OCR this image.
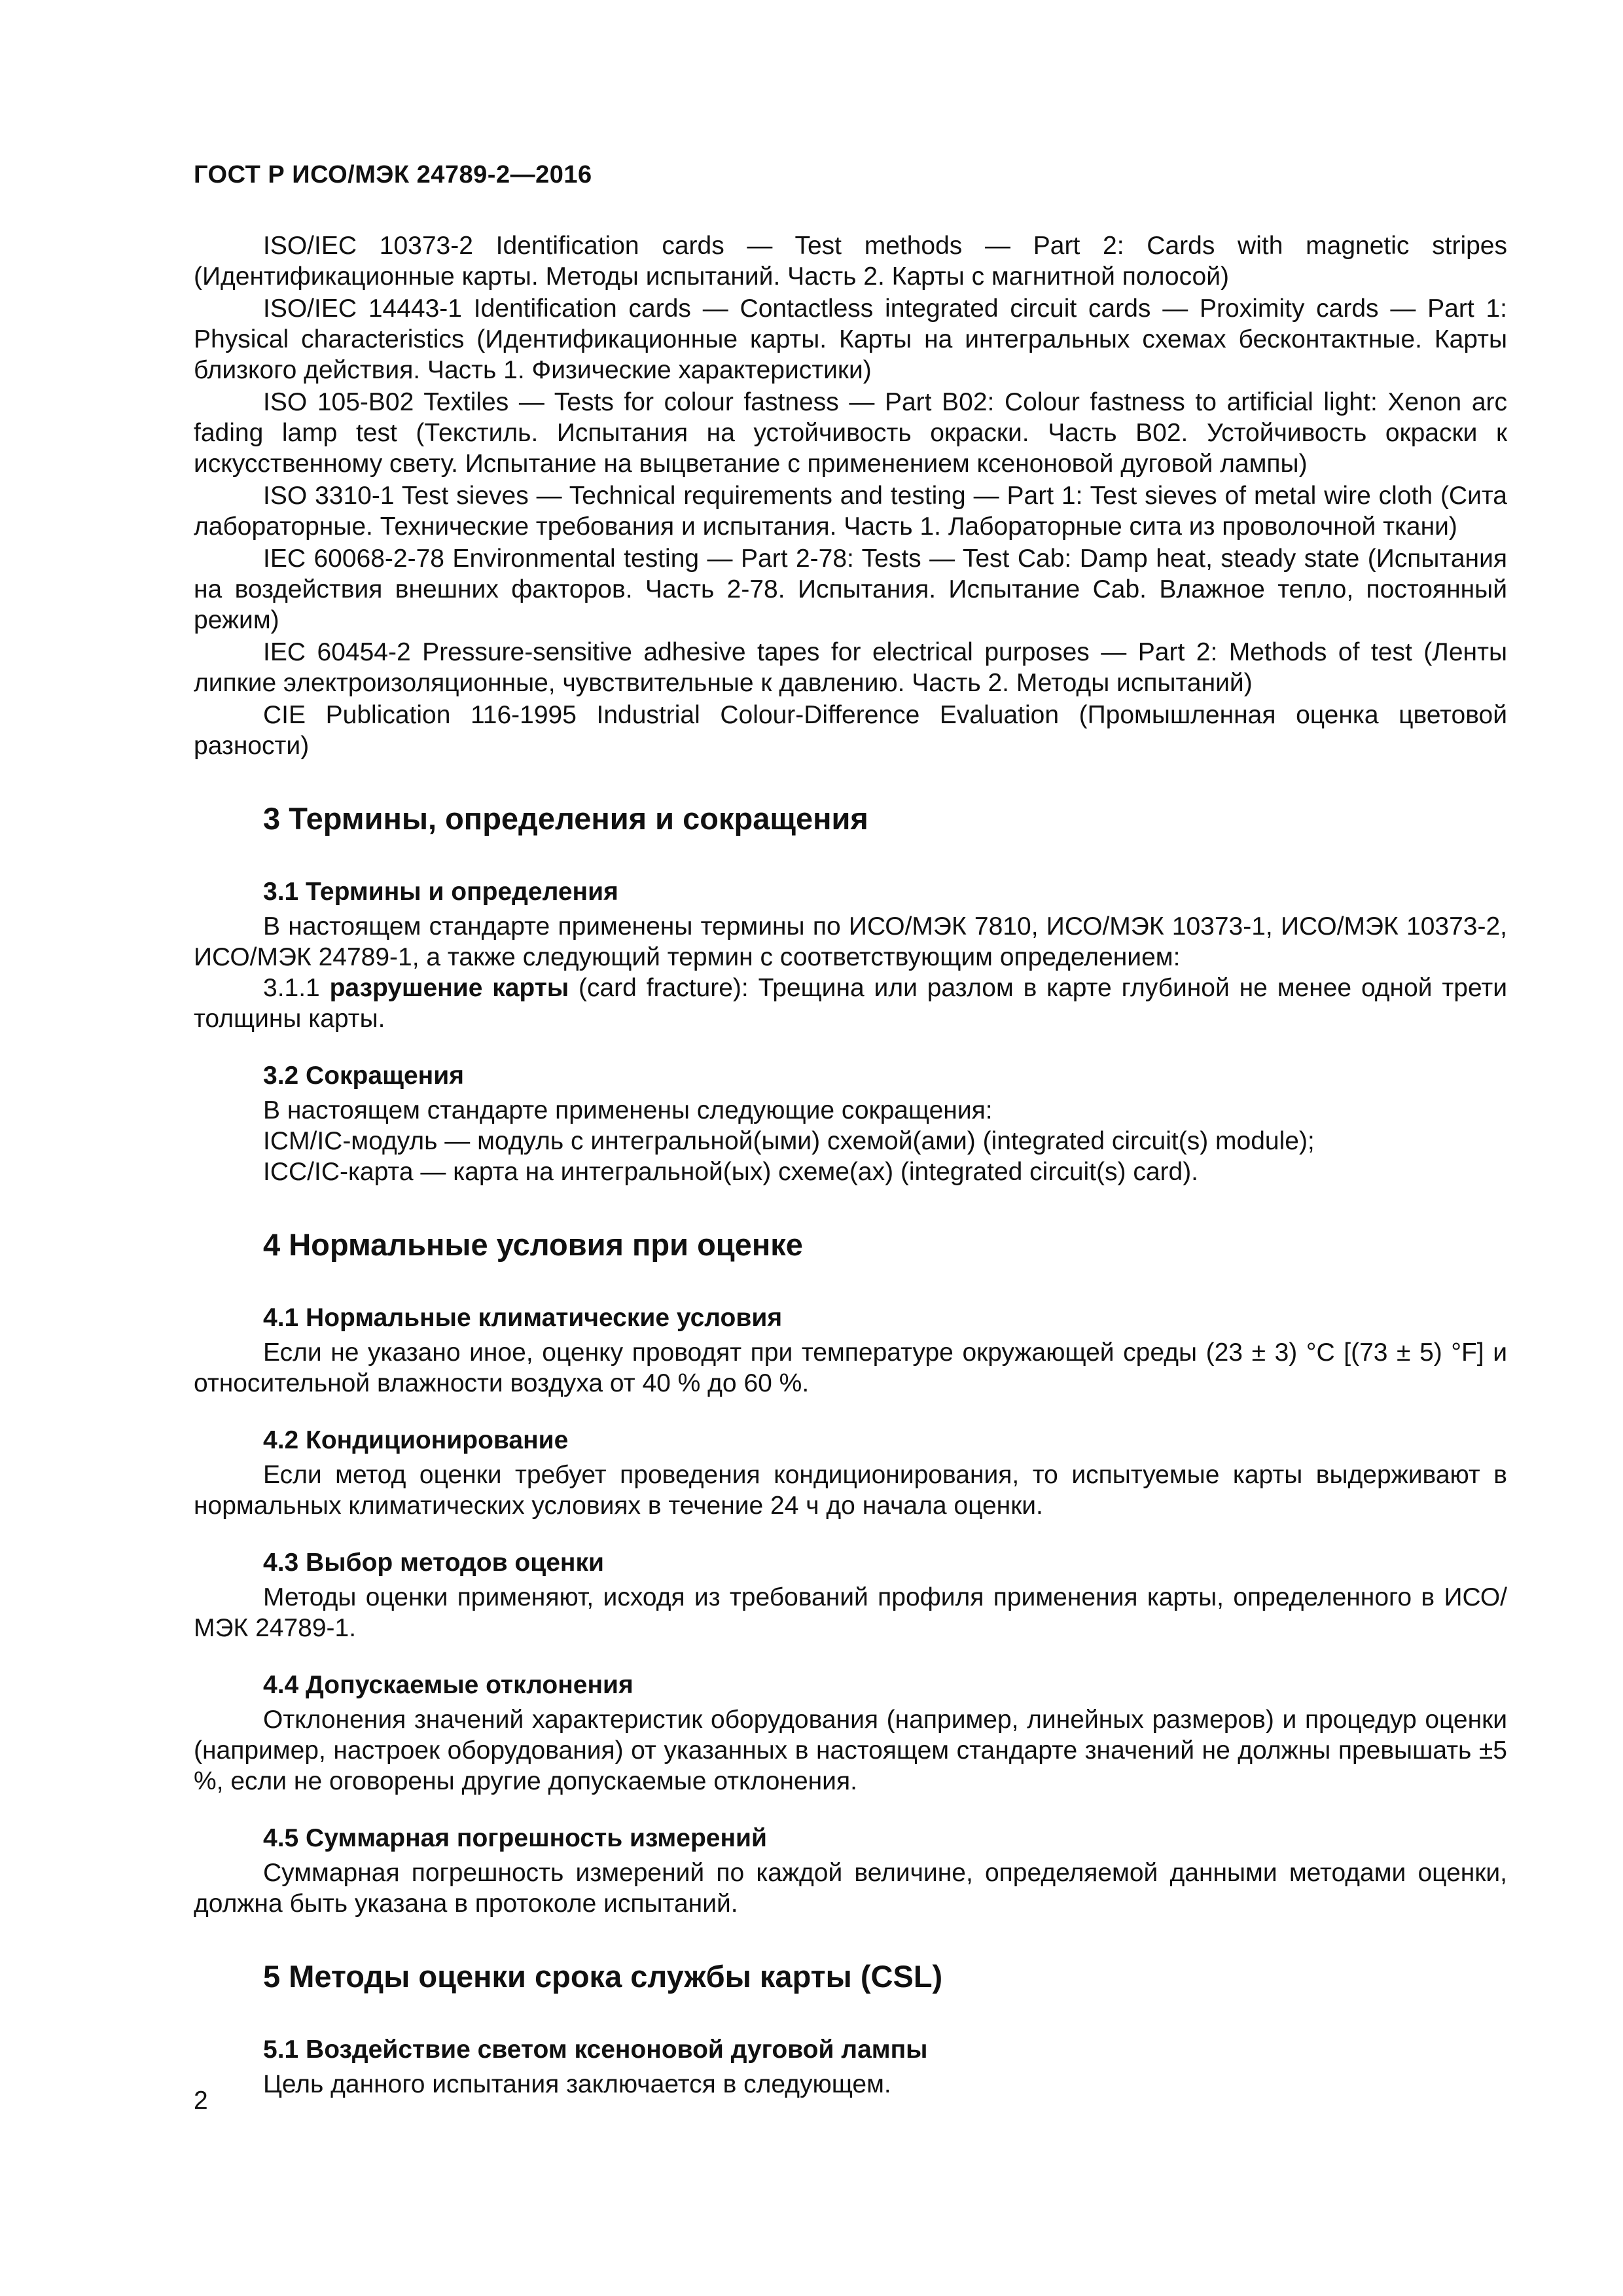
ГОСТ Р ИСО/МЭК 24789-2—2016
ISO/IEC 10373-2 Identification cards — Test methods — Part 2: Cards with magnetic stripes (Идентификационные карты. Методы испытаний. Часть 2. Карты с магнитной полосой)
ISO/IEC 14443-1 Identification cards — Contactless integrated circuit cards — Proximity cards — Part 1: Physical characteristics (Идентификационные карты. Карты на интегральных схемах бесконтактные. Карты близкого действия. Часть 1. Физические характеристики)
ISO 105-B02 Textiles — Tests for colour fastness — Part B02: Colour fastness to artificial light: Xenon arc fading lamp test (Текстиль. Испытания на устойчивость окраски. Часть B02. Устойчивость окраски к искусственному свету. Испытание на выцветание с применением ксеноновой дуговой лампы)
ISO 3310-1 Test sieves — Technical requirements and testing — Part 1: Test sieves of metal wire cloth (Сита лабораторные. Технические требования и испытания. Часть 1. Лабораторные сита из проволочной ткани)
IEC 60068-2-78 Environmental testing — Part 2-78: Tests — Test Cab: Damp heat, steady state (Испытания на воздействия внешних факторов. Часть 2-78. Испытания. Испытание Cab. Влажное тепло, постоянный режим)
IEC 60454-2 Pressure-sensitive adhesive tapes for electrical purposes — Part 2: Methods of test (Ленты липкие электроизоляционные, чувствительные к давлению. Часть 2. Методы испытаний)
CIE Publication 116-1995 Industrial Colour-Difference Evaluation (Промышленная оценка цветовой разности)
3 Термины, определения и сокращения
3.1 Термины и определения
В настоящем стандарте применены термины по ИСО/МЭК 7810, ИСО/МЭК 10373-1, ИСО/МЭК 10373-2, ИСО/МЭК 24789-1, а также следующий термин с соответствующим определением:
3.1.1 разрушение карты (card fracture): Трещина или разлом в карте глубиной не менее одной трети толщины карты.
3.2 Сокращения
В настоящем стандарте применены следующие сокращения:
ICM/IC-модуль — модуль с интегральной(ыми) схемой(ами) (integrated circuit(s) module);
ICC/IC-карта — карта на интегральной(ых) схеме(ах) (integrated circuit(s) card).
4 Нормальные условия при оценке
4.1 Нормальные климатические условия
Если не указано иное, оценку проводят при температуре окружающей среды (23 ± 3) °С [(73 ± 5) °F] и относительной влажности воздуха от 40 % до 60 %.
4.2 Кондиционирование
Если метод оценки требует проведения кондиционирования, то испытуемые карты выдерживают в нормальных климатических условиях в течение 24 ч до начала оценки.
4.3 Выбор методов оценки
Методы оценки применяют, исходя из требований профиля применения карты, определенного в ИСО/МЭК 24789-1.
4.4 Допускаемые отклонения
Отклонения значений характеристик оборудования (например, линейных размеров) и процедур оценки (например, настроек оборудования) от указанных в настоящем стандарте значений не должны превышать ±5 %, если не оговорены другие допускаемые отклонения.
4.5 Суммарная погрешность измерений
Суммарная погрешность измерений по каждой величине, определяемой данными методами оценки, должна быть указана в протоколе испытаний.
5 Методы оценки срока службы карты (CSL)
5.1 Воздействие светом ксеноновой дуговой лампы
Цель данного испытания заключается в следующем.
2
